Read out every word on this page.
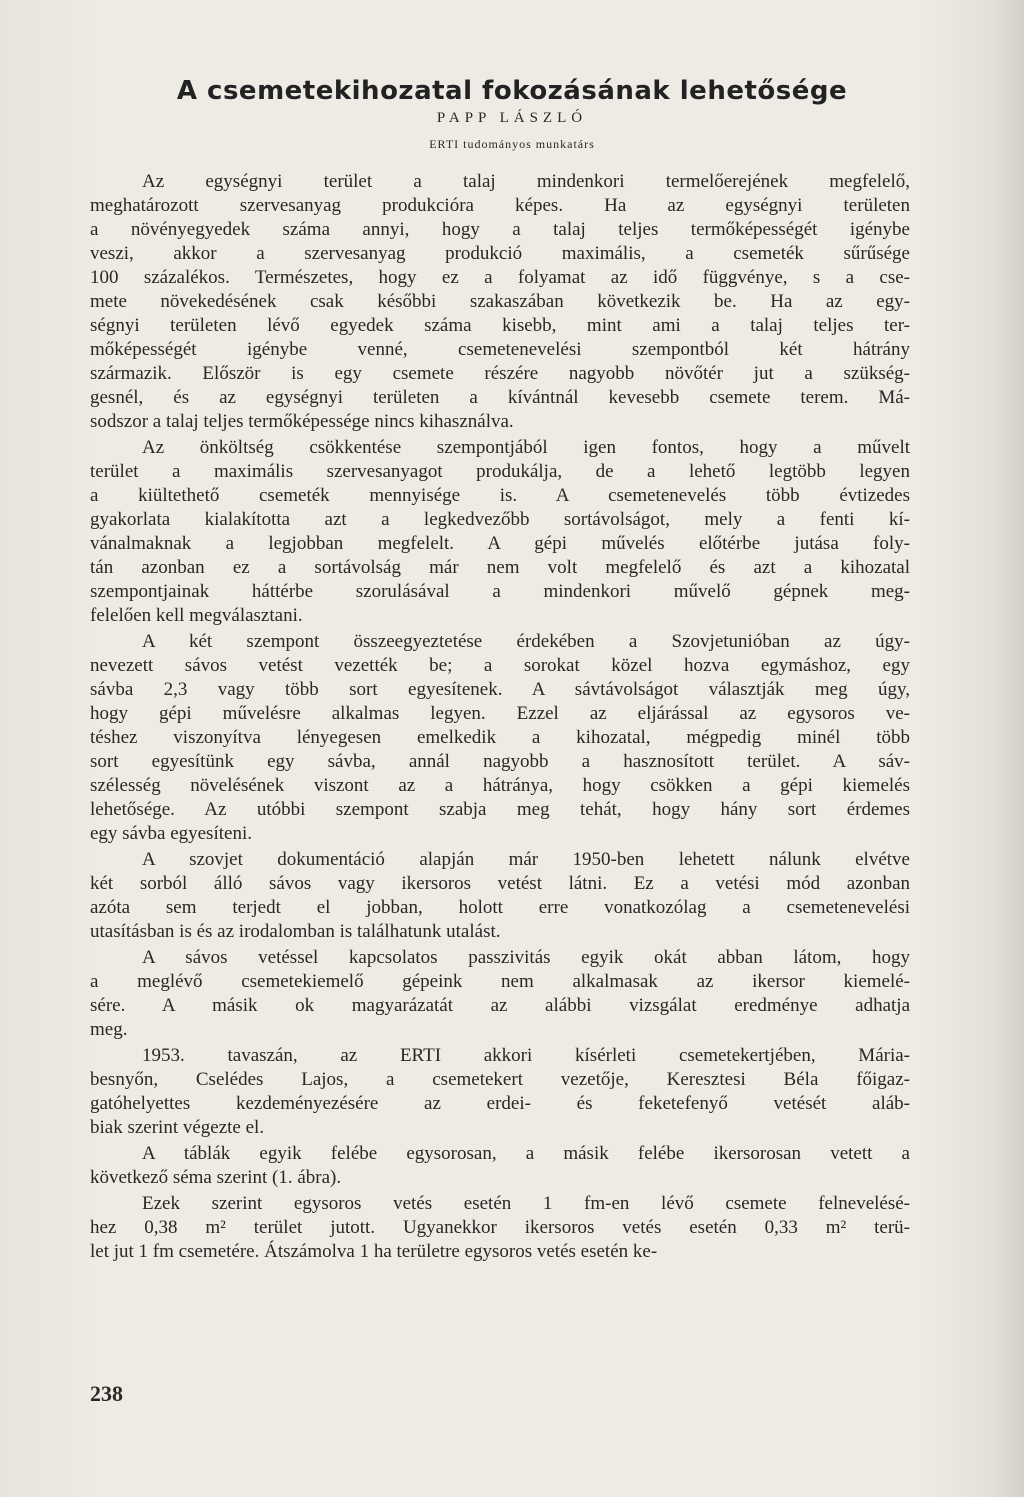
A csemetekihozatal fokozásának lehetősége
PAPP LÁSZLÓ
ERTI tudományos munkatárs
Az egységnyi terület a talaj mindenkori termelőerejének megfelelő,
meghatározott szervesanyag produkcióra képes. Ha az egységnyi területen
a növényegyedek száma annyi, hogy a talaj teljes termőképességét igénybe
veszi, akkor a szervesanyag produkció maximális, a csemeték sűrűsége
100 százalékos. Természetes, hogy ez a folyamat az idő függvénye, s a cse-
mete növekedésének csak későbbi szakaszában következik be. Ha az egy-
ségnyi területen lévő egyedek száma kisebb, mint ami a talaj teljes ter-
mőképességét igénybe venné, csemetenevelési szempontból két hátrány
származik. Először is egy csemete részére nagyobb növőtér jut a szükség-
gesnél, és az egységnyi területen a kívántnál kevesebb csemete terem. Má-
sodszor a talaj teljes termőképessége nincs kihasználva.
Az önköltség csökkentése szempontjából igen fontos, hogy a művelt
terület a maximális szervesanyagot produkálja, de a lehető legtöbb legyen
a kiültethető csemeték mennyisége is. A csemetenevelés több évtizedes
gyakorlata kialakította azt a legkedvezőbb sortávolságot, mely a fenti kí-
vánalmaknak a legjobban megfelelt. A gépi művelés előtérbe jutása foly-
tán azonban ez a sortávolság már nem volt megfelelő és azt a kihozatal
szempontjainak háttérbe szorulásával a mindenkori művelő gépnek meg-
felelően kell megválasztani.
A két szempont összeegyeztetése érdekében a Szovjetunióban az úgy-
nevezett sávos vetést vezették be; a sorokat közel hozva egymáshoz, egy
sávba 2,3 vagy több sort egyesítenek. A sávtávolságot választják meg úgy,
hogy gépi művelésre alkalmas legyen. Ezzel az eljárással az egysoros ve-
téshez viszonyítva lényegesen emelkedik a kihozatal, mégpedig minél több
sort egyesítünk egy sávba, annál nagyobb a hasznosított terület. A sáv-
szélesség növelésének viszont az a hátránya, hogy csökken a gépi kiemelés
lehetősége. Az utóbbi szempont szabja meg tehát, hogy hány sort érdemes
egy sávba egyesíteni.
A szovjet dokumentáció alapján már 1950-ben lehetett nálunk elvétve
két sorból álló sávos vagy ikersoros vetést látni. Ez a vetési mód azonban
azóta sem terjedt el jobban, holott erre vonatkozólag a csemetenevelési
utasításban is és az irodalomban is találhatunk utalást.
A sávos vetéssel kapcsolatos passzivitás egyik okát abban látom, hogy
a meglévő csemetekiemelő gépeink nem alkalmasak az ikersor kiemelé-
sére. A másik ok magyarázatát az alábbi vizsgálat eredménye adhatja
meg.
1953. tavaszán, az ERTI akkori kísérleti csemetekertjében, Mária-
besnyőn, Cselédes Lajos, a csemetekert vezetője, Keresztesi Béla főigaz-
gatóhelyettes kezdeményezésére az erdei- és feketefenyő vetését aláb-
biak szerint végezte el.
A táblák egyik felébe egysorosan, a másik felébe ikersorosan vetett a
következő séma szerint (1. ábra).
Ezek szerint egysoros vetés esetén 1 fm-en lévő csemete felnevelésé-
hez 0,38 m² terület jutott. Ugyanekkor ikersoros vetés esetén 0,33 m² terü-
let jut 1 fm csemetére. Átszámolva 1 ha területre egysoros vetés esetén ke-
238
